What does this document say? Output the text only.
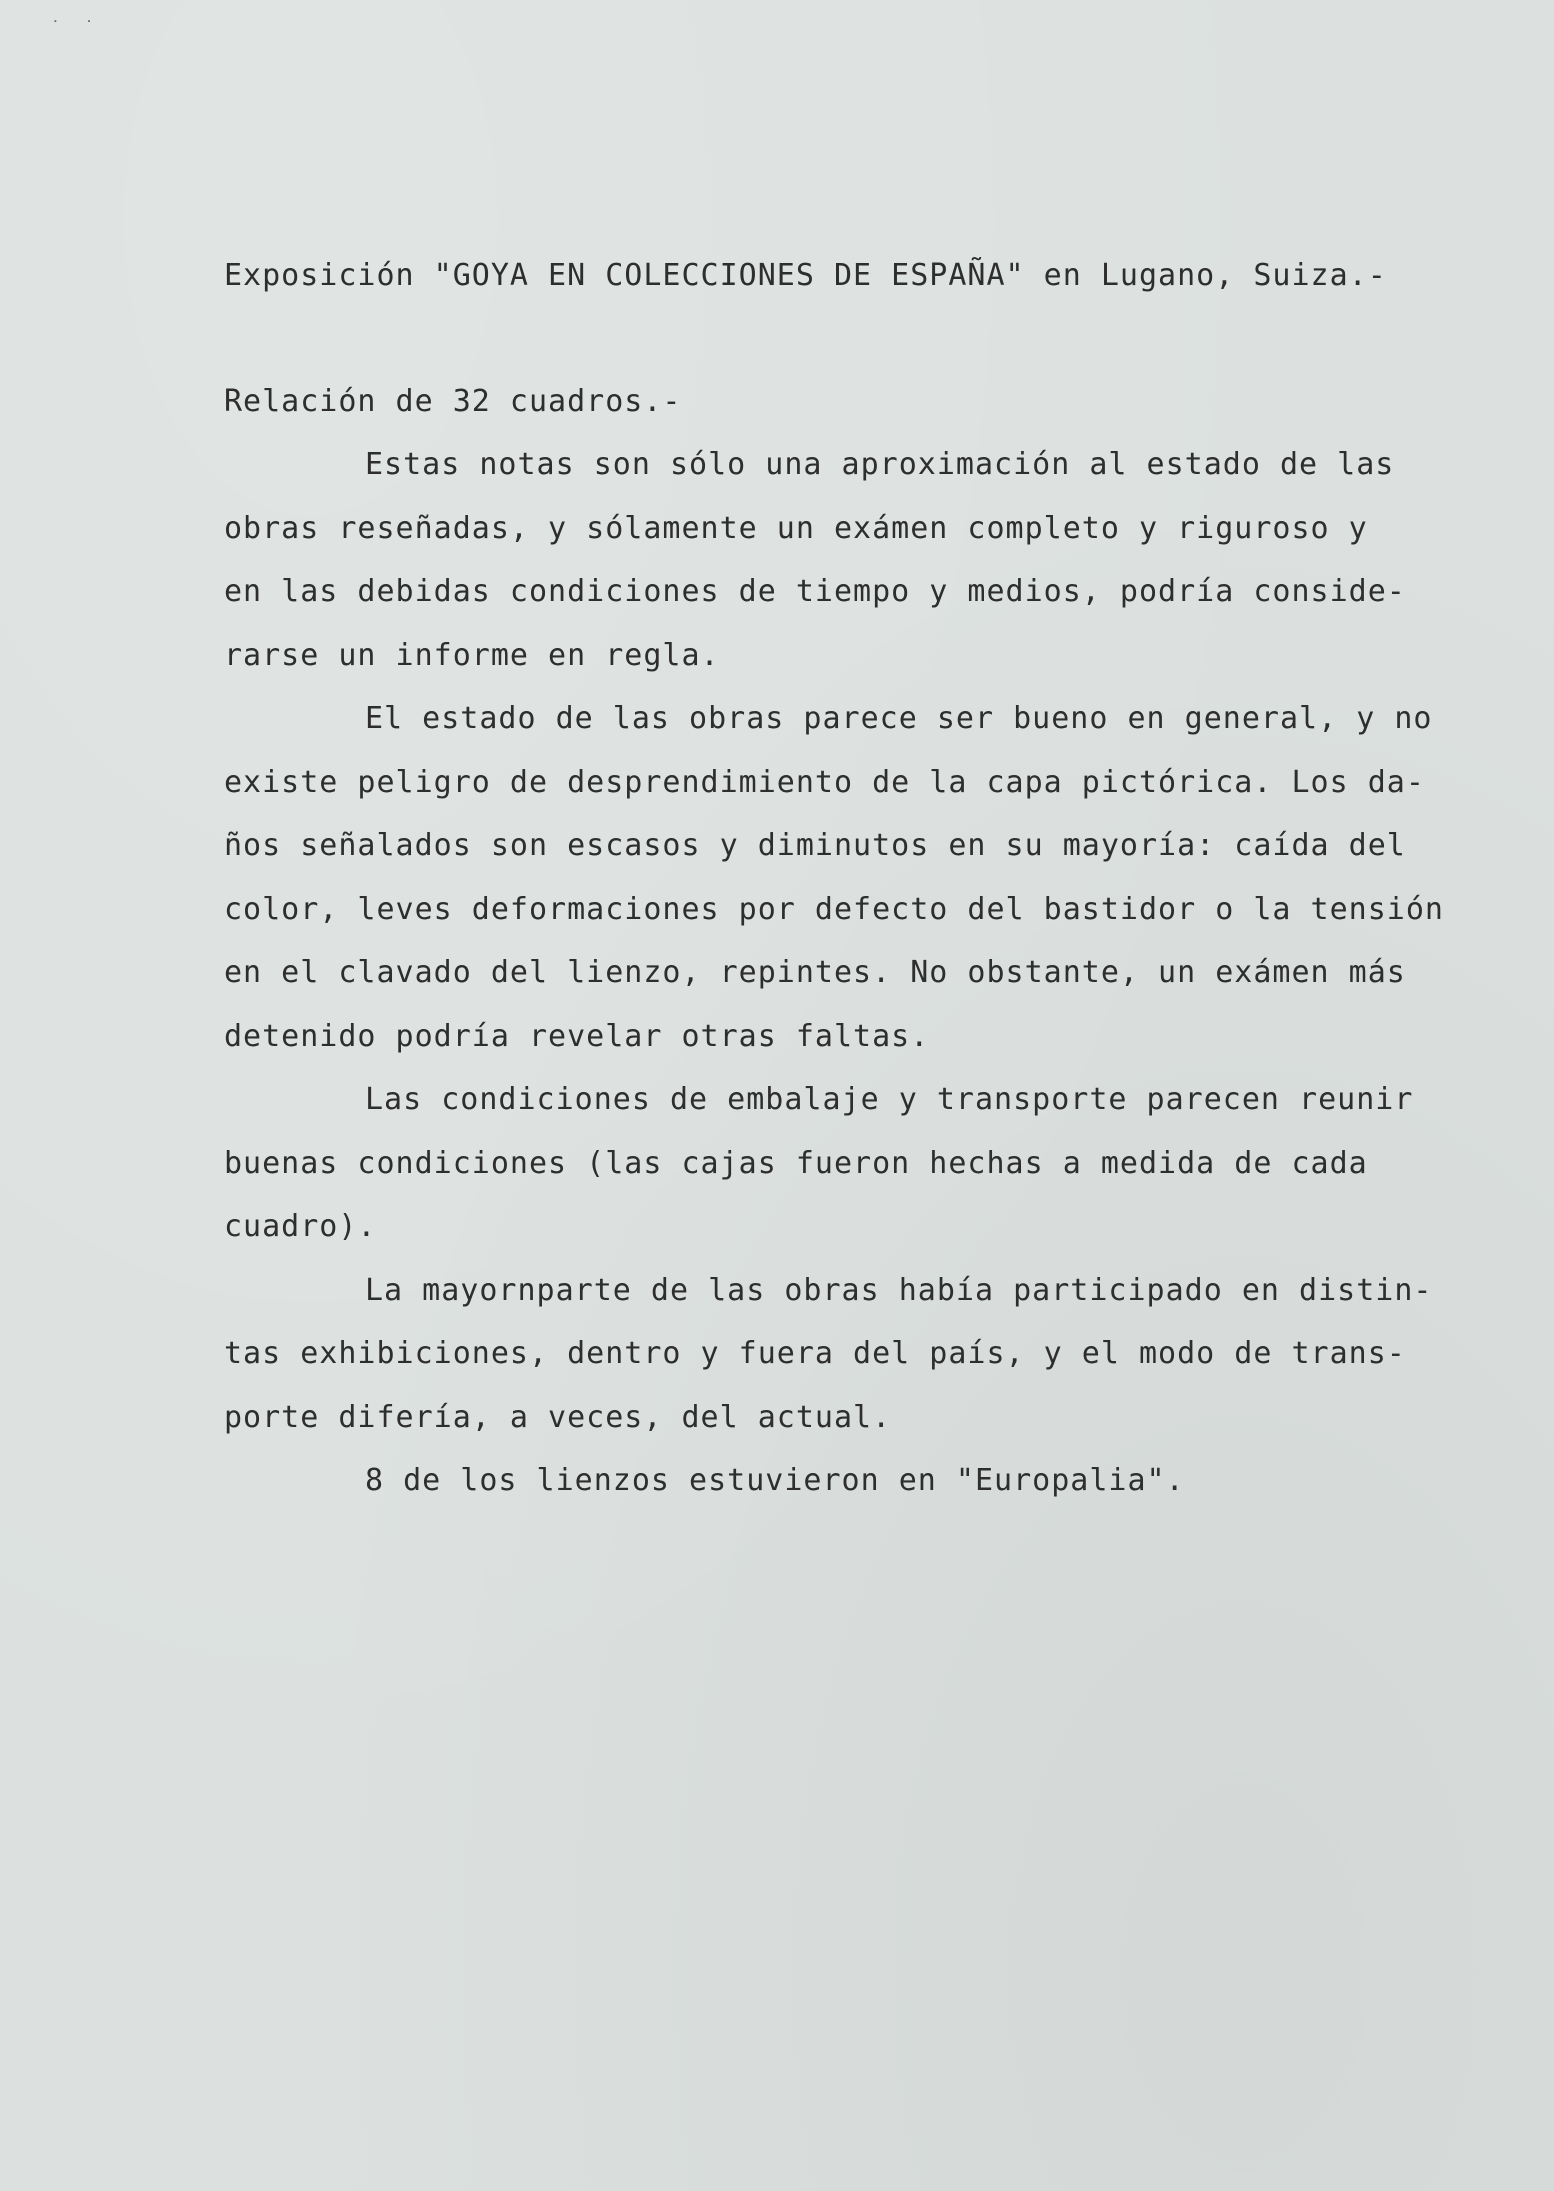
˙ ˙
Exposición "GOYA EN COLECCIONES DE ESPAÑA" en Lugano, Suiza.-
Relación de 32 cuadros.-
Estas notas son sólo una aproximación al estado de las
obras reseñadas, y sólamente un exámen completo y riguroso y
en las debidas condiciones de tiempo y medios, podría conside-
rarse un informe en regla.
El estado de las obras parece ser bueno en general, y no
existe peligro de desprendimiento de la capa pictórica. Los da-
ños señalados son escasos y diminutos en su mayoría: caída del
color, leves deformaciones por defecto del bastidor o la tensión
en el clavado del lienzo, repintes. No obstante, un exámen más
detenido podría revelar otras faltas.
Las condiciones de embalaje y transporte parecen reunir
buenas condiciones (las cajas fueron hechas a medida de cada
cuadro).
La mayornparte de las obras había participado en distin-
tas exhibiciones, dentro y fuera del país, y el modo de trans-
porte difería, a veces, del actual.
8 de los lienzos estuvieron en "Europalia".
